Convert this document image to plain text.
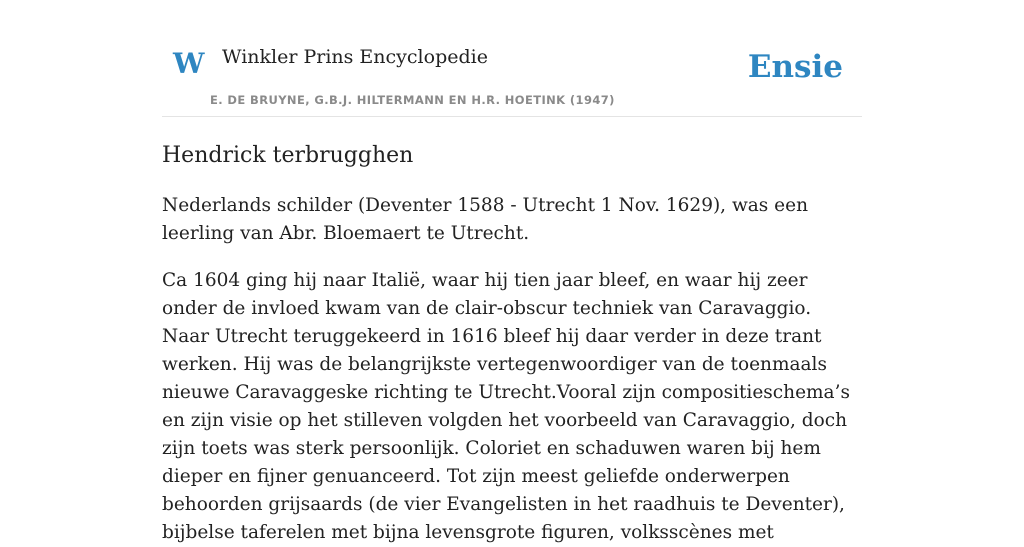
W Winkler Prins Encyclopedie
E. DE BRUYNE, G.B.J. HILTERMANN EN H.R. HOETINK (1947)
Ensie
Hendrick terbrugghen

Nederlands schilder (Deventer 1588 - Utrecht 1 Nov. 1629), was een leerling van Abr. Bloemaert te Utrecht.

Ca 1604 ging hij naar Italië, waar hij tien jaar bleef, en waar hij zeer onder de invloed kwam van de clair-obscur techniek van Caravaggio. Naar Utrecht teruggekeerd in 1616 bleef hij daar verder in deze trant werken. Hij was de belangrijkste vertegenwoordiger van de toenmaals nieuwe Caravaggeske richting te Utrecht.Vooral zijn compositieschema’s en zijn visie op het stilleven volgden het voorbeeld van Caravaggio, doch zijn toets was sterk persoonlijk. Coloriet en schaduwen waren bij hem dieper en fijner genuanceerd. Tot zijn meest geliefde onderwerpen behoorden grijsaards (de vier Evangelisten in het raadhuis te Deventer), bijbelse taferelen met bijna levensgrote figuren, volksscènes met
